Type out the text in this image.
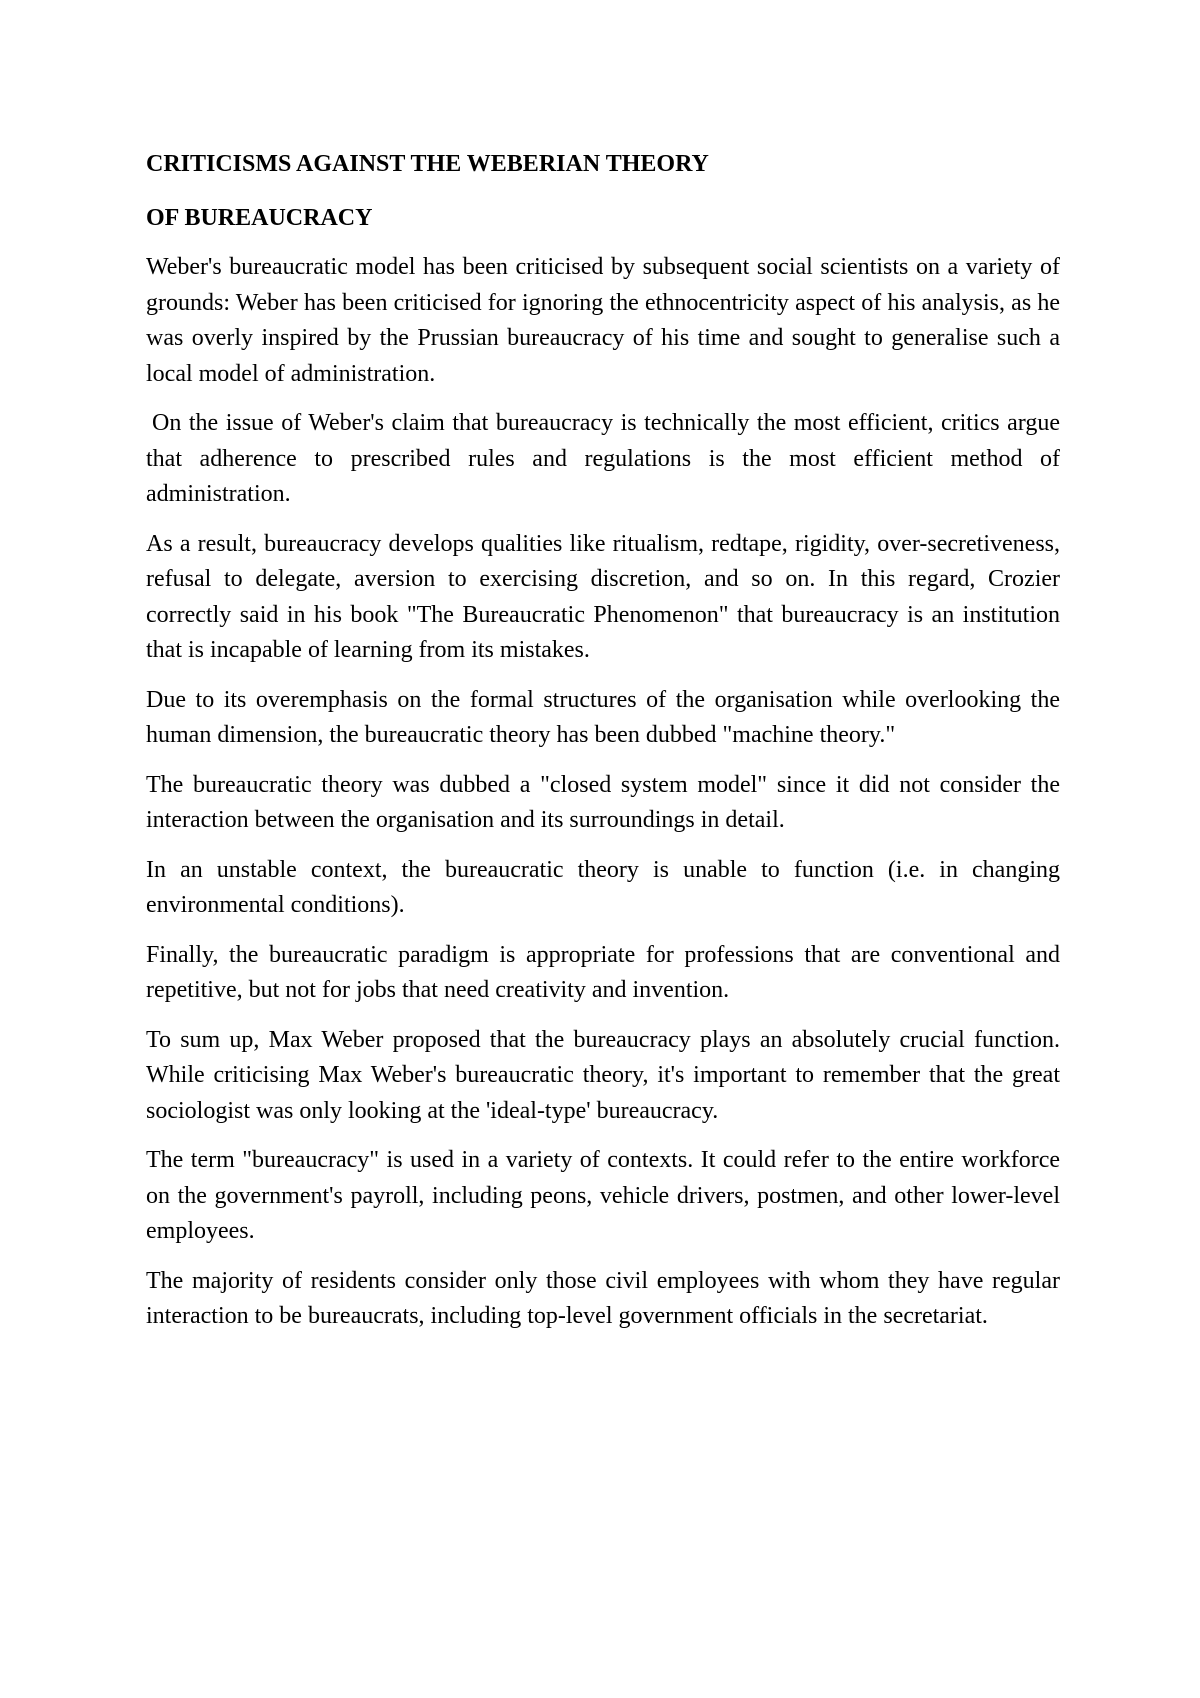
CRITICISMS AGAINST THE WEBERIAN THEORY
OF BUREAUCRACY

Weber's bureaucratic model has been criticised by subsequent social scientists on a variety of grounds: Weber has been criticised for ignoring the ethnocentricity aspect of his analysis, as he was overly inspired by the Prussian bureaucracy of his time and sought to generalise such a local model of administration.

On the issue of Weber's claim that bureaucracy is technically the most efficient, critics argue that adherence to prescribed rules and regulations is the most efficient method of administration.

As a result, bureaucracy develops qualities like ritualism, redtape, rigidity, over-secretiveness, refusal to delegate, aversion to exercising discretion, and so on. In this regard, Crozier correctly said in his book "The Bureaucratic Phenomenon" that bureaucracy is an institution that is incapable of learning from its mistakes.

Due to its overemphasis on the formal structures of the organisation while overlooking the human dimension, the bureaucratic theory has been dubbed "machine theory."

The bureaucratic theory was dubbed a "closed system model" since it did not consider the interaction between the organisation and its surroundings in detail.

In an unstable context, the bureaucratic theory is unable to function (i.e. in changing environmental conditions).

Finally, the bureaucratic paradigm is appropriate for professions that are conventional and repetitive, but not for jobs that need creativity and invention.

To sum up, Max Weber proposed that the bureaucracy plays an absolutely crucial function. While criticising Max Weber's bureaucratic theory, it's important to remember that the great sociologist was only looking at the 'ideal-type' bureaucracy.

The term "bureaucracy" is used in a variety of contexts. It could refer to the entire workforce on the government's payroll, including peons, vehicle drivers, postmen, and other lower-level employees.

The majority of residents consider only those civil employees with whom they have regular interaction to be bureaucrats, including top-level government officials in the secretariat.
